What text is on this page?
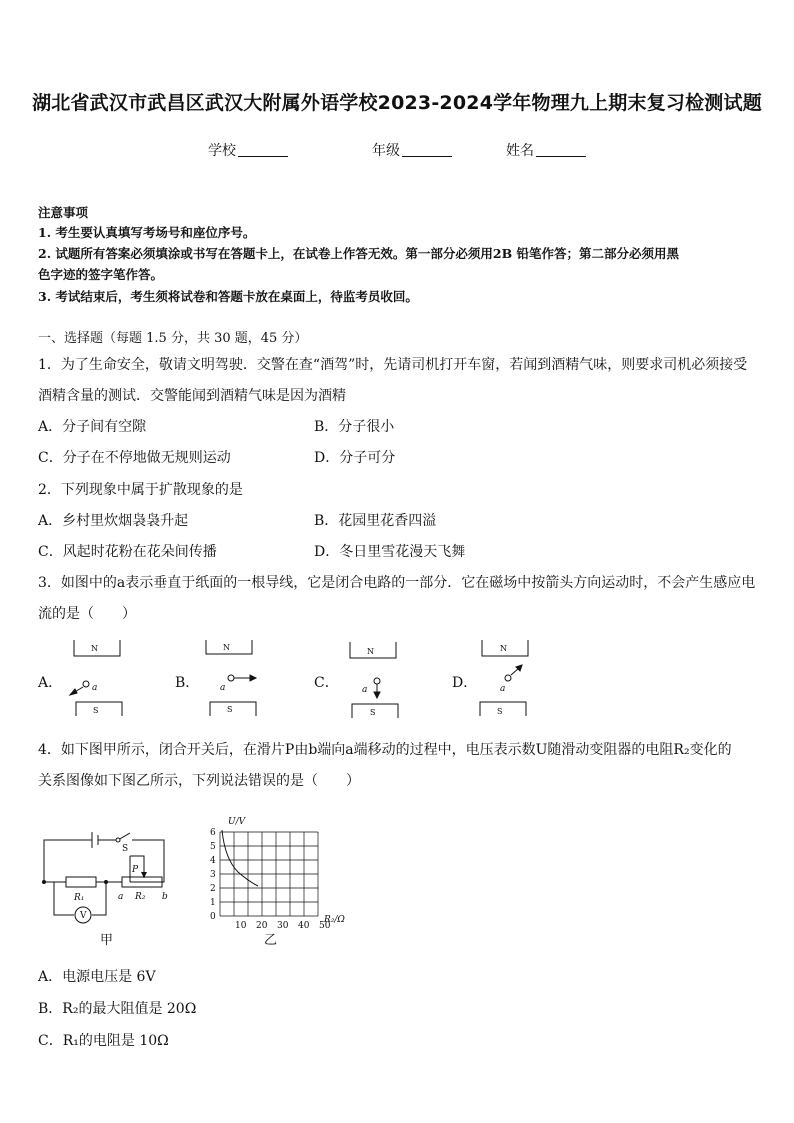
湖北省武汉市武昌区武汉大附属外语学校2023-2024学年物理九上期末复习检测试题
学校	年级	姓名
注意事项
1. 考生要认真填写考场号和座位序号。
2. 试题所有答案必须填涂或书写在答题卡上，在试卷上作答无效。第一部分必须用2B 铅笔作答；第二部分必须用黑
色字迹的签字笔作答。
3. 考试结束后，考生须将试卷和答题卡放在桌面上，待监考员收回。
一、选择题（每题 1.5 分，共 30 题，45 分）
1．为了生命安全，敬请文明驾驶．交警在查“酒驾”时，先请司机打开车窗，若闻到酒精气味，则要求司机必须接受
酒精含量的测试．交警能闻到酒精气味是因为酒精
A．分子间有空隙	B．分子很小
C．分子在不停地做无规则运动	D．分子可分
2．下列现象中属于扩散现象的是
A．乡村里炊烟袅袅升起	B．花园里花香四溢
C．风起时花粉在花朵间传播	D．冬日里雪花漫天飞舞
3．如图中的a表示垂直于纸面的一根导线，它是闭合电路的一部分．它在磁场中按箭头方向运动时，不会产生感应电
流的是（　　）
N	N	N	N
S	S	S	S
a	a	a	a
A．	B．	C．	D．
4．如下图甲所示，闭合开关后，在滑片P由b端向a端移动的过程中，电压表示数U随滑动变阻器的电阻R₂变化的
关系图像如下图乙所示，下列说法错误的是（　　）
S
P
R₁	R₂
a	b
V
甲
6
5
4
3
2
1
0
10 20 30 40 50
U/V
R₂/Ω
乙
A．电源电压是 6V
B．R₂的最大阻值是 20Ω
C．R₁的电阻是 10Ω
